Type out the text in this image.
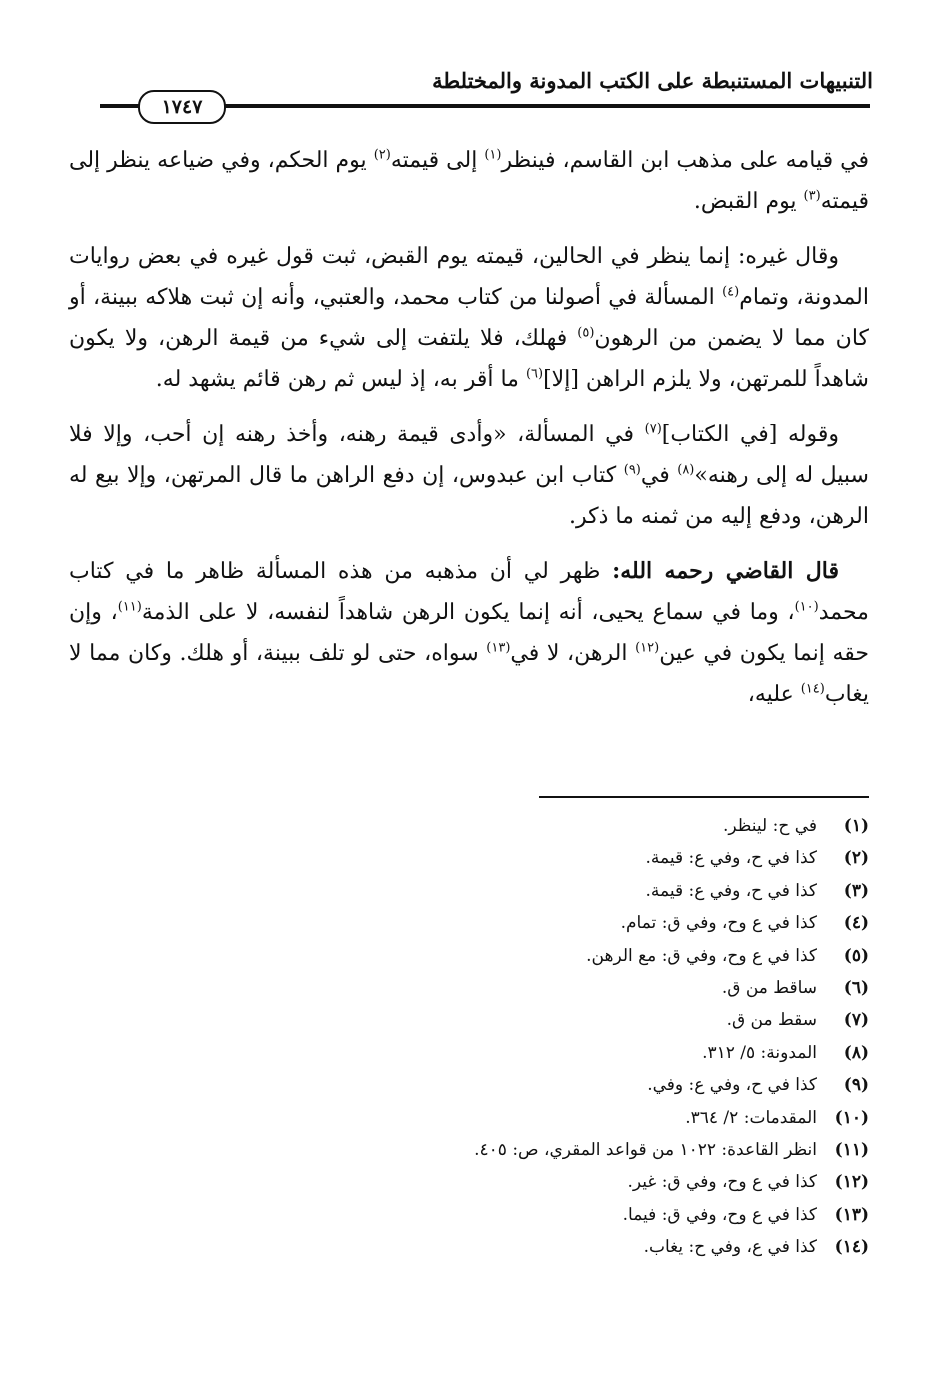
التنبيهات المستنبطة على الكتب المدونة والمختلطة
١٧٤٧

في قيامه على مذهب ابن القاسم، فينظر$^{(١)}$ إلى قيمته$^{(٢)}$ يوم الحكم، وفي ضياعه ينظر إلى قيمته$^{(٣)}$ يوم القبض.

وقال غيره: إنما ينظر في الحالين، قيمته يوم القبض، ثبت قول غيره في بعض روايات المدونة، وتمام$^{(٤)}$ المسألة في أصولنا من كتاب محمد، والعتبي، وأنه إن ثبت هلاكه ببينة، أو كان مما لا يضمن من الرهون$^{(٥)}$ فهلك، فلا يلتفت إلى شيء من قيمة الرهن، ولا يكون شاهداً للمرتهن، ولا يلزم الراهن [إلا]$^{(٦)}$ ما أقر به، إذ ليس ثم رهن قائم يشهد له.

وقوله [في الكتاب]$^{(٧)}$ في المسألة، «وأدى قيمة رهنه، وأخذ رهنه إن أحب، وإلا فلا سبيل له إلى رهنه»$^{(٨)}$ في$^{(٩)}$ كتاب ابن عبدوس، إن دفع الراهن ما قال المرتهن، وإلا بيع له الرهن، ودفع إليه من ثمنه ما ذكر.

قال القاضي رحمه الله: ظهر لي أن مذهبه من هذه المسألة ظاهر ما في كتاب محمد$^{(١٠)}$، وما في سماع يحيى، أنه إنما يكون الرهن شاهداً لنفسه، لا على الذمة$^{(١١)}$، وإن حقه إنما يكون في عين$^{(١٢)}$ الرهن، لا في$^{(١٣)}$ سواه، حتى لو تلف ببينة، أو هلك. وكان مما لا يغاب$^{(١٤)}$ عليه،

(١)
في ح: لينظر.
(٢)
كذا في ح، وفي ع: قيمة.
(٣)
كذا في ح، وفي ع: قيمة.
(٤)
كذا في ع وح، وفي ق: تمام.
(٥)
كذا في ع وح، وفي ق: مع الرهن.
(٦)
ساقط من ق.
(٧)
سقط من ق.
(٨)
المدونة: ٥/ ٣١٢.
(٩)
كذا في ح، وفي ع: وفي.
(١٠)
المقدمات: ٢/ ٣٦٤.
(١١)
انظر القاعدة: ١٠٢٢ من قواعد المقري، ص: ٤٠٥.
(١٢)
كذا في ع وح، وفي ق: غير.
(١٣)
كذا في ع وح، وفي ق: فيما.
(١٤)
كذا في ع، وفي ح: يغاب.
